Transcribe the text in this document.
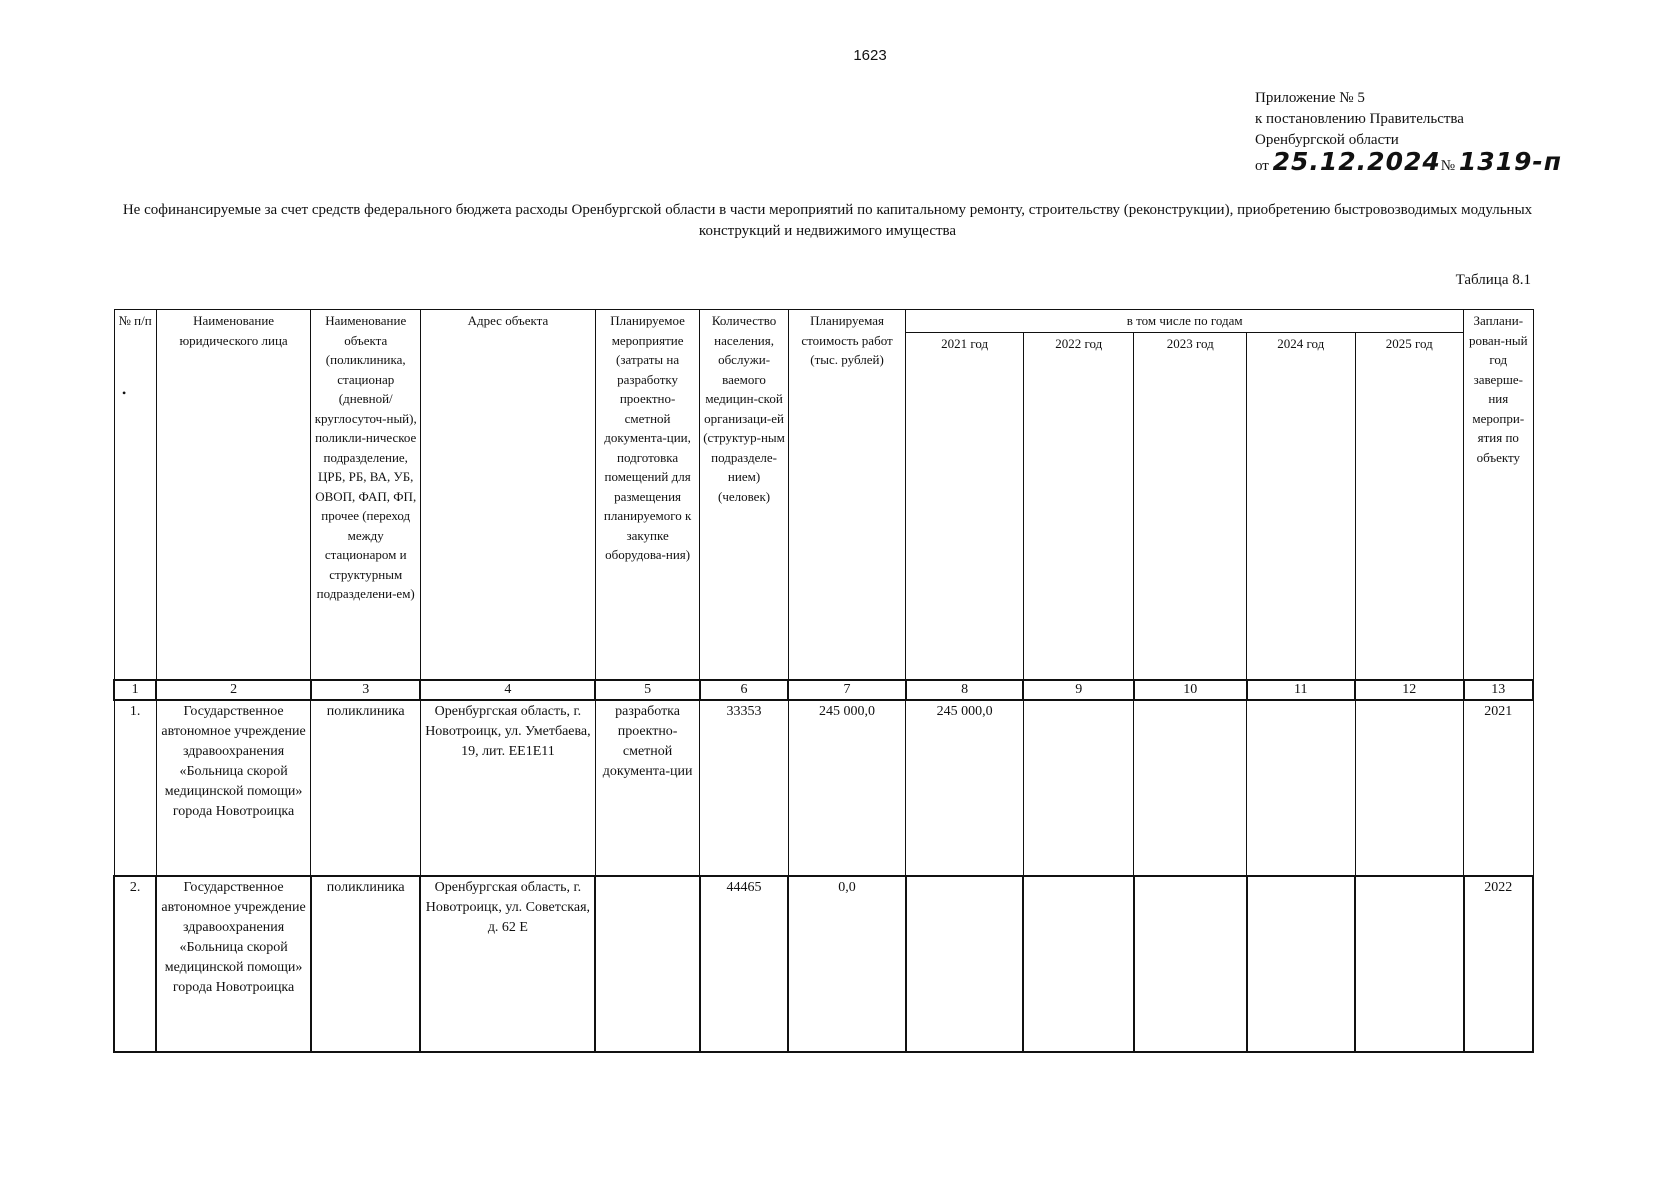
1623
Приложение № 5
к постановлению Правительства
Оренбургской области
от 25.12.2024№ 1319-п
Не софинансируемые за счет средств федерального бюджета расходы Оренбургской области в части мероприятий по капитальному ремонту, строительству (реконструкции), приобретению быстровозводимых модульных конструкций и недвижимого имущества
Таблица 8.1
•
№ п/п	Наименование юридического лица	Наименование объекта (поликлиника, стационар (дневной/ круглосуточ-ный), поликли-ническое подразделение, ЦРБ, РБ, ВА, УБ, ОВОП, ФАП, ФП, прочее (переход между стационаром и структурным подразделени-ем)	Адрес объекта	Планируемое мероприятие (затраты на разработку проектно-сметной документа-ции, подготовка помещений для размещения планируемого к закупке оборудова-ния)	Количество населения, обслужи-ваемого медицин-ской организаци-ей (структур-ным подразделе-нием) (человек)	Планируемая стоимость работ (тыс. рублей)	в том числе по годам					Заплани-рован-ный год заверше-ния меропри-ятия по объекту
							2021 год	2022 год	2023 год	2024 год	2025 год	
1	2	3	4	5	6	7	8	9	10	11	12	13
1.	Государственное автономное учреждение здравоохранения «Больница скорой медицинской помощи» города Новотроицка	поликлиника	Оренбургская область, г. Новотроицк, ул. Уметбаева, 19, лит. ЕЕ1Е11	разработка проектно-сметной документа-ции	33353	245 000,0	245 000,0					2021
2.	Государственное автономное учреждение здравоохранения «Больница скорой медицинской помощи» города Новотроицка	поликлиника	Оренбургская область, г. Новотроицк, ул. Советская, д. 62 Е		44465	0,0						2022
